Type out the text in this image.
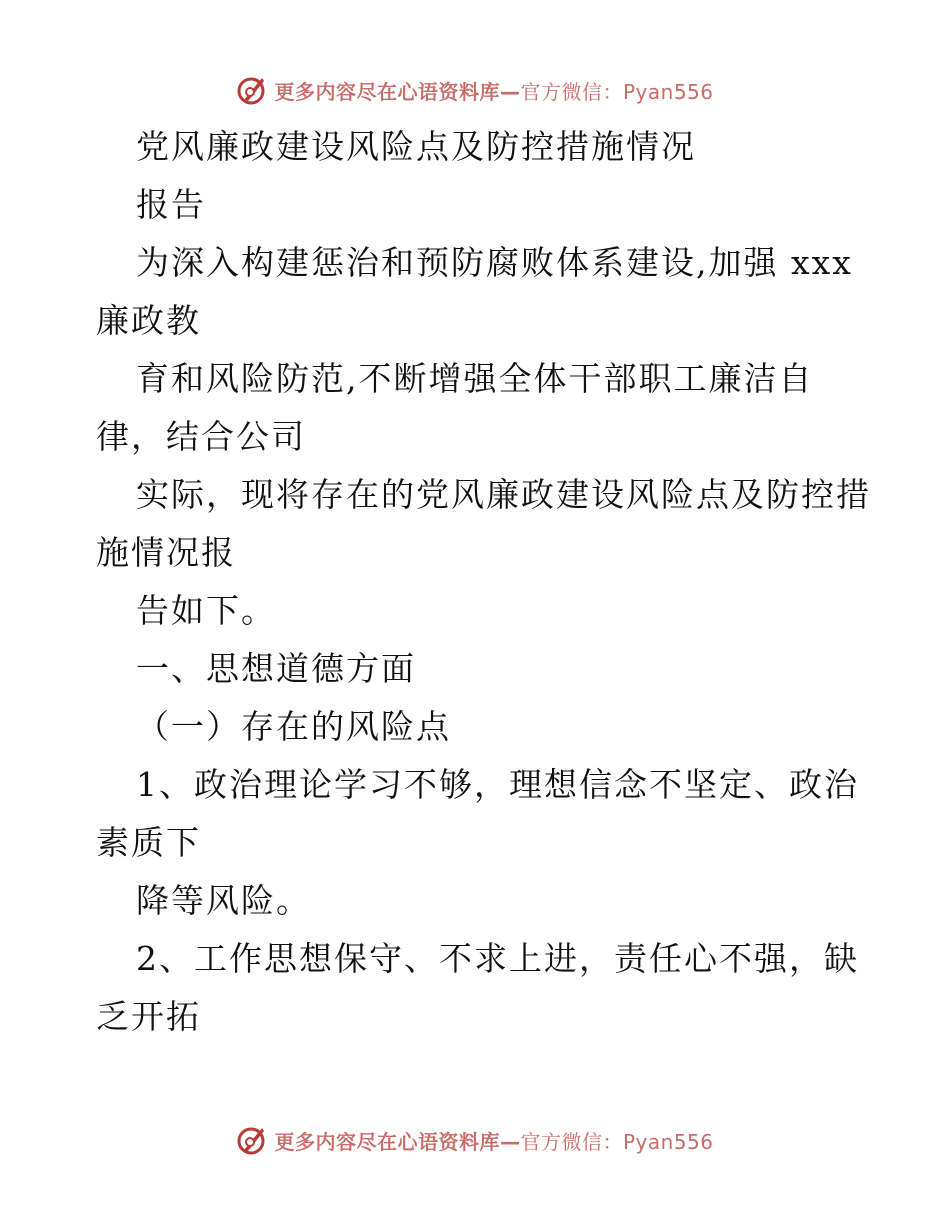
更多内容尽在心语资料库—官方微信：Pyan556
党风廉政建设风险点及防控措施情况
报告
为深入构建惩治和预防腐败体系建设,加强 xxx
廉政教
育和风险防范,不断增强全体干部职工廉洁自
律，结合公司
实际，现将存在的党风廉政建设风险点及防控措
施情况报
告如下。
一、思想道德方面
（一）存在的风险点
1、政治理论学习不够，理想信念不坚定、政治
素质下
降等风险。
2、工作思想保守、不求上进，责任心不强，缺
乏开拓
更多内容尽在心语资料库—官方微信：Pyan556
